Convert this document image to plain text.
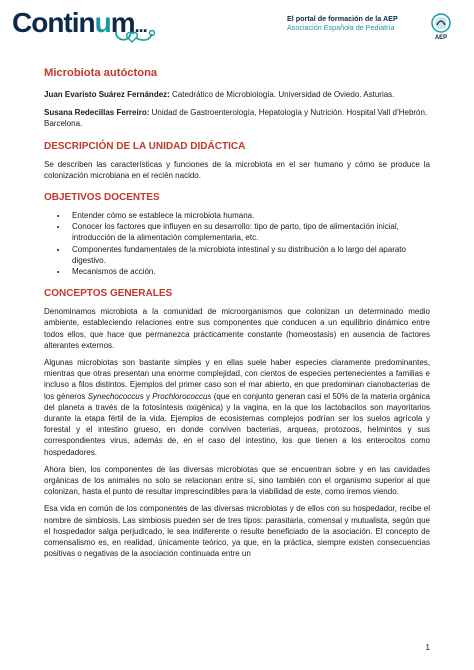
Continum...	El portal de formación de la AEP
Asociación Española de Pediatría
AEP
Microbiota autóctona
Juan Evaristo Suárez Fernández: Catedrático de Microbiología. Universidad de Oviedo. Asturias.
Susana Redecillas Ferreiro: Unidad de Gastroenterología, Hepatología y Nutrición. Hospital Vall d’Hebrón. Barcelona.
DESCRIPCIÓN DE LA UNIDAD DIDÁCTICA

Se describen las características y funciones de la microbiota en el ser humano y cómo se produce la colonización microbiana en el recién nacido.

OBJETIVOS DOCENTES
• Entender cómo se establece la microbiota humana.
• Conocer los factores que influyen en su desarrollo: tipo de parto, tipo de alimentación inicial, introducción de la alimentación complementaria, etc.
• Componentes fundamentales de la microbiota intestinal y su distribución a lo largo del aparato digestivo.
• Mecanismos de acción.
CONCEPTOS GENERALES

Denominamos microbiota a la comunidad de microorganismos que colonizan un determinado medio ambiente, estableciendo relaciones entre sus componentes que conducen a un equilibrio dinámico entre todos ellos, que hace que permanezca prácticamente constante (homeostasis) en ausencia de factores alterantes externos.

Algunas microbiotas son bastante simples y en ellas suele haber especies claramente predominantes, mientras que otras presentan una enorme complejidad, con cientos de especies pertenecientes a familias e incluso a filos distintos. Ejemplos del primer caso son el mar abierto, en que predominan cianobacterias de los géneros Synechococcus y Prochlorococcus (que en conjunto generan casi el 50% de la materia orgánica del planeta a través de la fotosíntesis oxigénica) y la vagina, en la que los lactobacilos son mayoritarios durante la etapa fértil de la vida. Ejemplos de ecosistemas complejos podrían ser los suelos agrícola y forestal y el intestino grueso, en donde conviven bacterias, arqueas, protozoos, helmintos y sus correspondientes virus, además de, en el caso del intestino, los que tienen a los enterocitos como hospedadores.

Ahora bien, los componentes de las diversas microbiotas que se encuentran sobre y en las cavidades orgánicas de los animales no solo se relacionan entre sí, sino también con el organismo superior al que colonizan, hasta el punto de resultar imprescindibles para la viabilidad de este, como iremos viendo.

Esa vida en común de los componentes de las diversas microbiotas y de ellos con su hospedador, recibe el nombre de simbiosis. Las simbiosis pueden ser de tres tipos: parasitaria, comensal y mutualista, según que el hospedador salga perjudicado, le sea indiferente o resulte beneficiado de la asociación. El concepto de comensalismo es, en realidad, únicamente teórico, ya que, en la práctica, siempre existen consecuencias positivas o negativas de la asociación continuada entre un

1
